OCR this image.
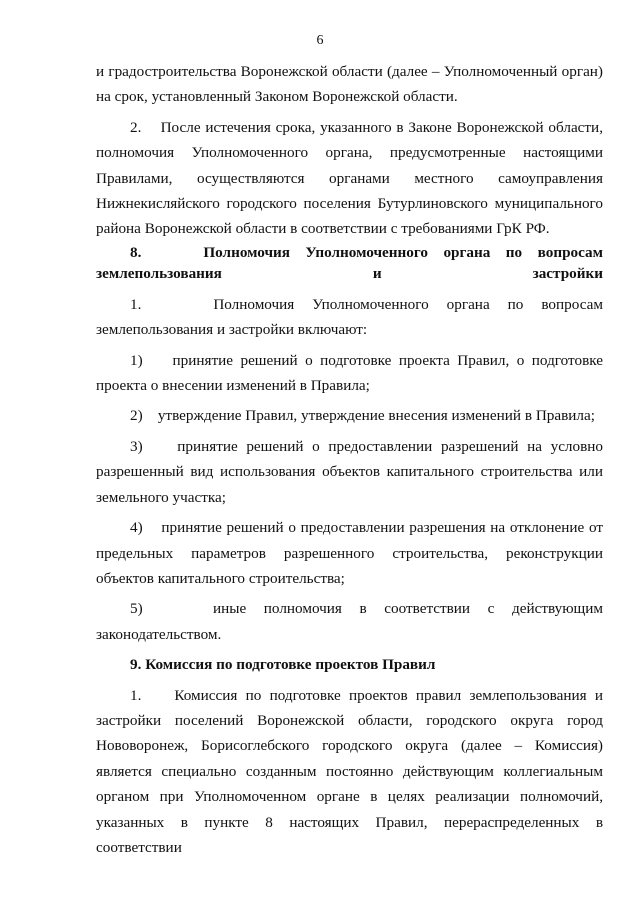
6

и градостроительства Воронежской области (далее – Уполномоченный орган) на срок, установленный Законом Воронежской области.

2.    После истечения срока, указанного в Законе Воронежской области, полномочия Уполномоченного органа, предусмотренные настоящими Правилами, осуществляются органами местного самоуправления Нижнекисляйского городского поселения Бутурлиновского муниципального района Воронежской области в соответствии с требованиями ГрК РФ.

8.    Полномочия Уполномоченного органа по вопросам землепользования и застройки

1.    Полномочия Уполномоченного органа по вопросам землепользования и застройки включают:

1)    принятие решений о подготовке проекта Правил, о подготовке проекта о внесении изменений в Правила;

2)    утверждение Правил, утверждение внесения изменений в Правила;

3)    принятие решений о предоставлении разрешений на условно разрешенный вид использования объектов капитального строительства или земельного участка;

4)    принятие решений о предоставлении разрешения на отклонение от предельных параметров разрешенного строительства, реконструкции объектов капитального строительства;

5)    иные полномочия в соответствии с действующим законодательством.

9. Комиссия по подготовке проектов Правил

1.    Комиссия по подготовке проектов правил землепользования и застройки поселений Воронежской области, городского округа город Нововоронеж, Борисоглебского городского округа (далее – Комиссия) является специально созданным постоянно действующим коллегиальным органом при Уполномоченном органе в целях реализации полномочий, указанных в пункте 8 настоящих Правил, перераспределенных в соответствии
